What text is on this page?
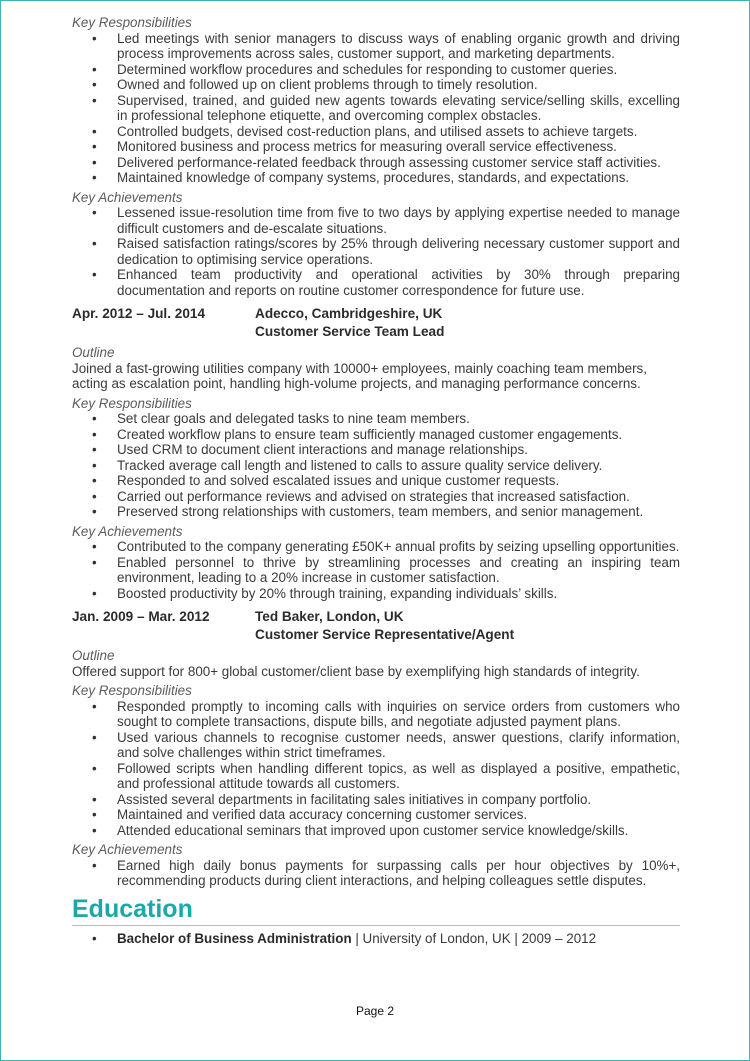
Key Responsibilities

• Led meetings with senior managers to discuss ways of enabling organic growth and driving process improvements across sales, customer support, and marketing departments.
• Determined workflow procedures and schedules for responding to customer queries.
• Owned and followed up on client problems through to timely resolution.
• Supervised, trained, and guided new agents towards elevating service/selling skills, excelling in professional telephone etiquette, and overcoming complex obstacles.
• Controlled budgets, devised cost-reduction plans, and utilised assets to achieve targets.
• Monitored business and process metrics for measuring overall service effectiveness.
• Delivered performance-related feedback through assessing customer service staff activities.
• Maintained knowledge of company systems, procedures, standards, and expectations.

Key Achievements

• Lessened issue-resolution time from five to two days by applying expertise needed to manage difficult customers and de-escalate situations.
• Raised satisfaction ratings/scores by 25% through delivering necessary customer support and dedication to optimising service operations.
• Enhanced team productivity and operational activities by 30% through preparing documentation and reports on routine customer correspondence for future use.
Apr. 2012 – Jul. 2014	Adecco, Cambridgeshire, UK
Customer Service Team Lead

Outline

Joined a fast-growing utilities company with 10000+ employees, mainly coaching team members, acting as escalation point, handling high-volume projects, and managing performance concerns.

Key Responsibilities

• Set clear goals and delegated tasks to nine team members.
• Created workflow plans to ensure team sufficiently managed customer engagements.
• Used CRM to document client interactions and manage relationships.
• Tracked average call length and listened to calls to assure quality service delivery.
• Responded to and solved escalated issues and unique customer requests.
• Carried out performance reviews and advised on strategies that increased satisfaction.
• Preserved strong relationships with customers, team members, and senior management.

Key Achievements

• Contributed to the company generating £50K+ annual profits by seizing upselling opportunities.
• Enabled personnel to thrive by streamlining processes and creating an inspiring team environment, leading to a 20% increase in customer satisfaction.
• Boosted productivity by 20% through training, expanding individuals’ skills.
Jan. 2009 – Mar. 2012	Ted Baker, London, UK
Customer Service Representative/Agent

Outline

Offered support for 800+ global customer/client base by exemplifying high standards of integrity.

Key Responsibilities

• Responded promptly to incoming calls with inquiries on service orders from customers who sought to complete transactions, dispute bills, and negotiate adjusted payment plans.
• Used various channels to recognise customer needs, answer questions, clarify information, and solve challenges within strict timeframes.
• Followed scripts when handling different topics, as well as displayed a positive, empathetic, and professional attitude towards all customers.
• Assisted several departments in facilitating sales initiatives in company portfolio.
• Maintained and verified data accuracy concerning customer services.
• Attended educational seminars that improved upon customer service knowledge/skills.

Key Achievements

• Earned high daily bonus payments for surpassing calls per hour objectives by 10%+, recommending products during client interactions, and helping colleagues settle disputes.
Education
• Bachelor of Business Administration | University of London, UK | 2009 – 2012
Page 2
